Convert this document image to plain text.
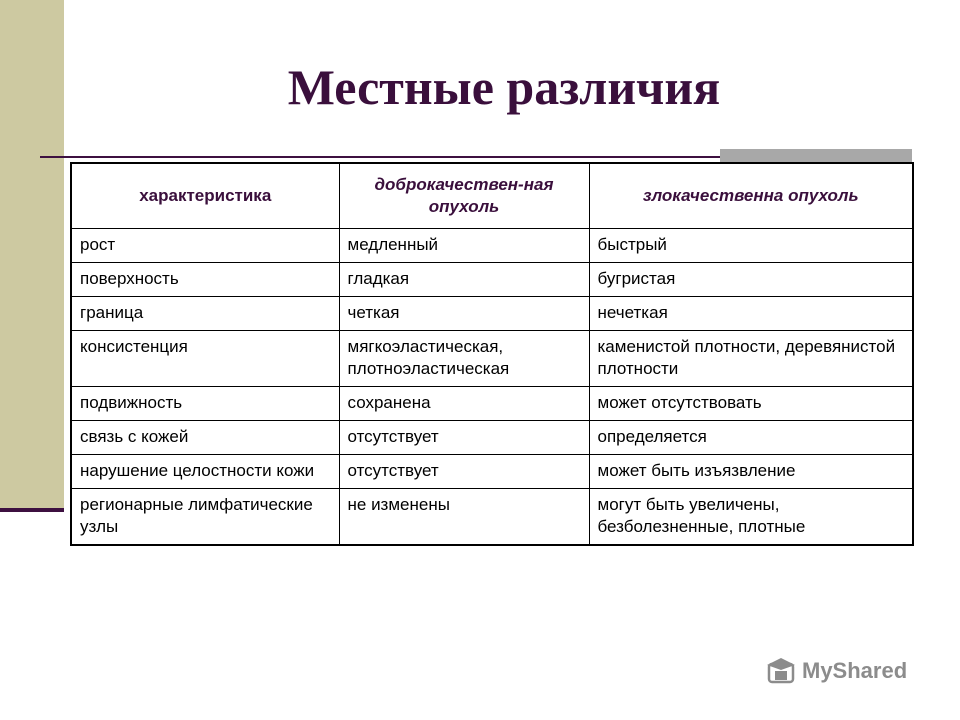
Местные различия
характеристика	доброкачествен-ная опухоль	злокачественна опухоль
рост	медленный	быстрый
поверхность	гладкая	бугристая
граница	четкая	нечеткая
консистенция	мягкоэластическая, плотноэластическая	каменистой плотности, деревянистой плотности
подвижность	сохранена	может отсутствовать
связь с кожей	отсутствует	определяется
нарушение целостности кожи	отсутствует	может быть изъязвление
регионарные лимфатические узлы	не изменены	могут быть увеличены, безболезненные, плотные
MyShared
